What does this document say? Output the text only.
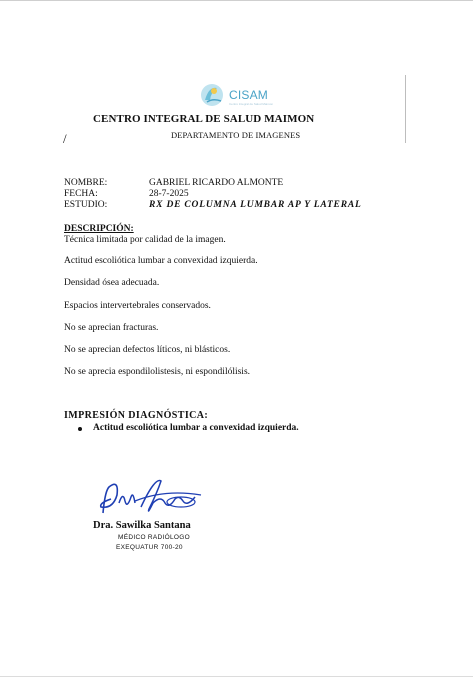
CISAM
Centro Integral de Salud Maimon
CENTRO INTEGRAL DE SALUD MAIMON
/	DEPARTAMENTO DE IMAGENES
NOMBRE:	GABRIEL RICARDO ALMONTE
FECHA:	28-7-2025
ESTUDIO:	RX DE COLUMNA LUMBAR AP Y LATERAL
DESCRIPCIÓN:
Técnica limitada por calidad de la imagen.
Actitud escoliótica lumbar a convexidad izquierda.
Densidad ósea adecuada.
Espacios intervertebrales conservados.
No se aprecian fracturas.
No se aprecian defectos líticos, ni blásticos.
No se aprecia espondilolistesis, ni espondilólisis.
IMPRESIÓN DIAGNÓSTICA:
Actitud escoliótica lumbar a convexidad izquierda.
Dra. Sawilka Santana
MÉDICO RADIÓLOGO
EXEQUATUR 700-20
